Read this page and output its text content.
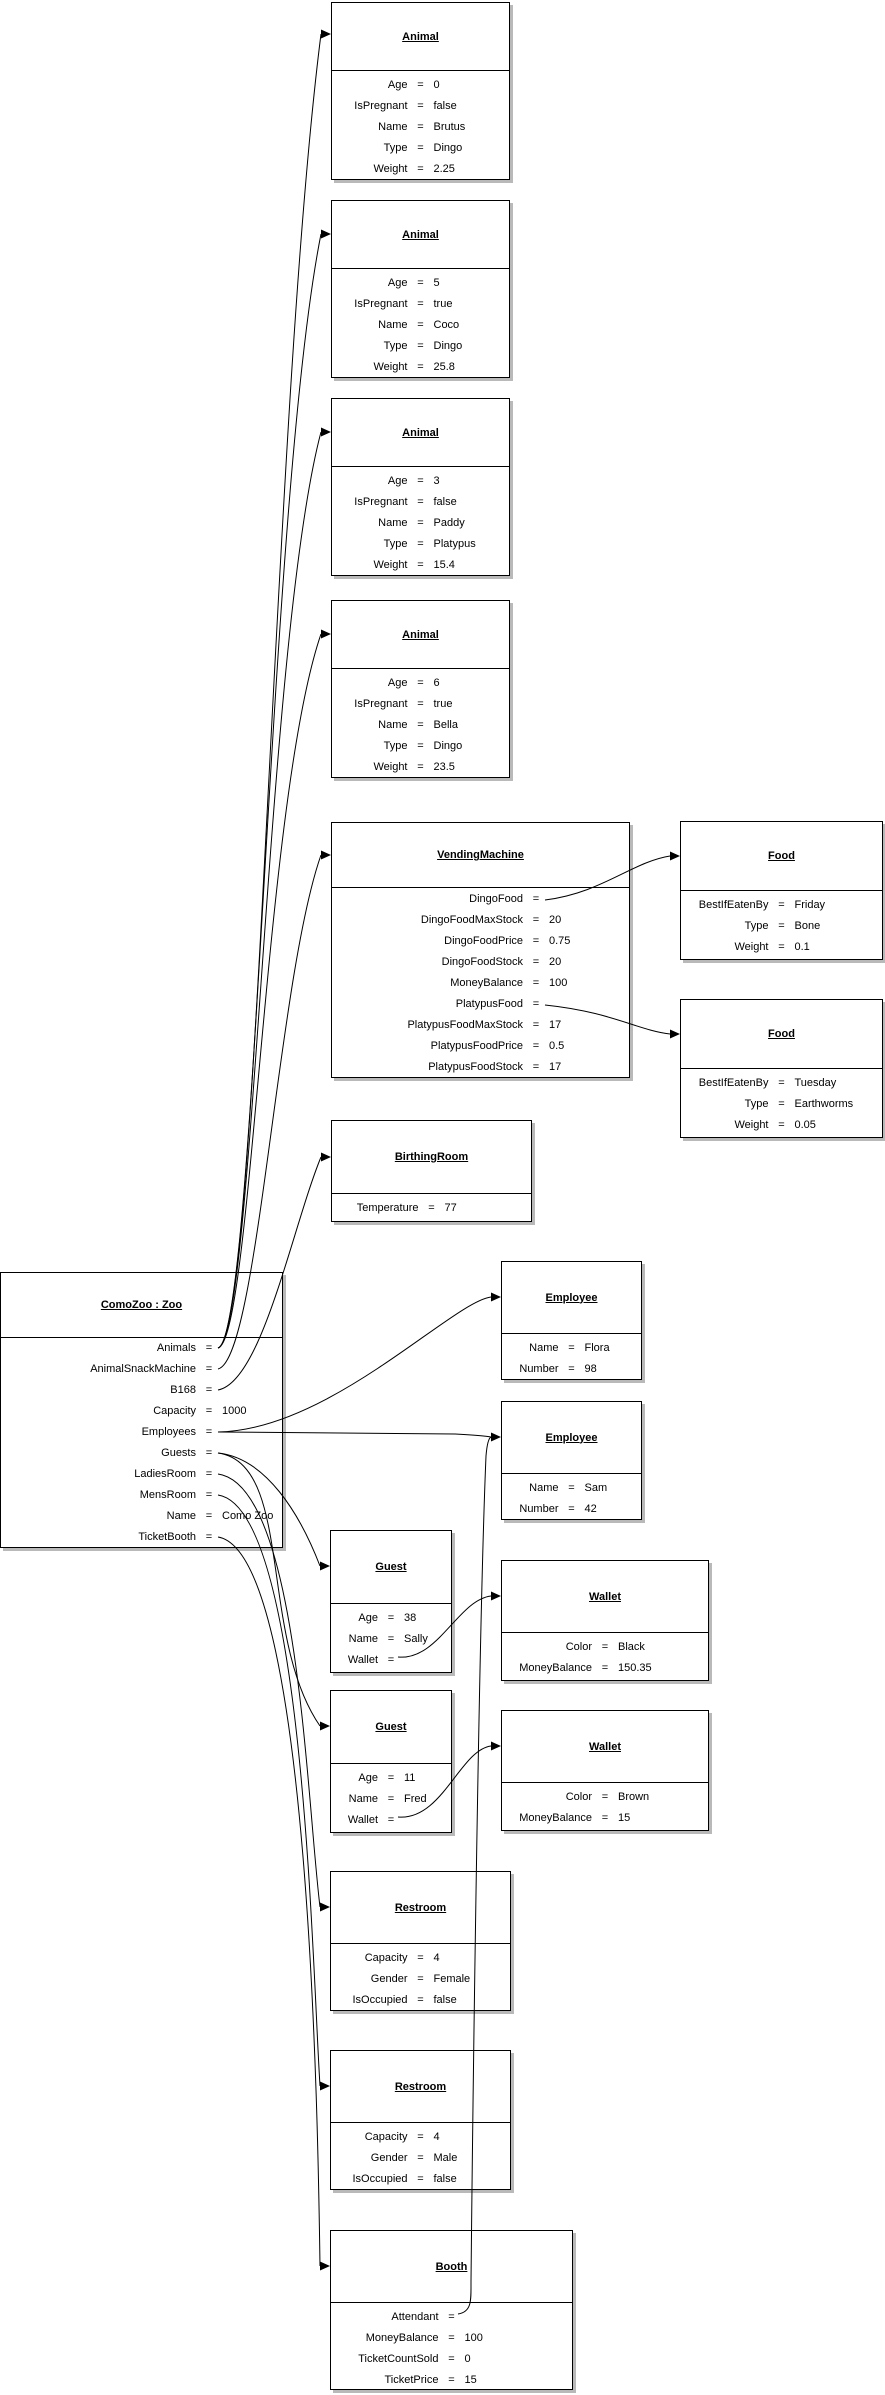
Animal
Age = 0
IsPregnant = false
Name = Brutus
Type = Dingo
Weight = 2.25
Animal
Age = 5
IsPregnant = true
Name = Coco
Type = Dingo
Weight = 25.8
Animal
Age = 3
IsPregnant = false
Name = Paddy
Type = Platypus
Weight = 15.4
Animal
Age = 6
IsPregnant = true
Name = Bella
Type = Dingo
Weight = 23.5
VendingMachine
DingoFood =
DingoFoodMaxStock = 20
DingoFoodPrice = 0.75
DingoFoodStock = 20
MoneyBalance = 100
PlatypusFood =
PlatypusFoodMaxStock = 17
PlatypusFoodPrice = 0.5
PlatypusFoodStock = 17
Food
BestIfEatenBy = Friday
Type = Bone
Weight = 0.1
Food
BestIfEatenBy = Tuesday
Type = Earthworms
Weight = 0.05
BirthingRoom
Temperature = 77
ComoZoo : Zoo
Animals =
AnimalSnackMachine =
B168 =
Capacity = 1000
Employees =
Guests =
LadiesRoom =
MensRoom =
Name = Como Zoo
TicketBooth =
Employee
Name = Flora
Number = 98
Employee
Name = Sam
Number = 42
Guest
Age = 38
Name = Sally
Wallet =
Guest
Age = 11
Name = Fred
Wallet =
Wallet
Color = Black
MoneyBalance = 150.35
Wallet
Color = Brown
MoneyBalance = 15
Restroom
Capacity = 4
Gender = Female
IsOccupied = false
Restroom
Capacity = 4
Gender = Male
IsOccupied = false
Booth
Attendant =
MoneyBalance = 100
TicketCountSold = 0
TicketPrice = 15
